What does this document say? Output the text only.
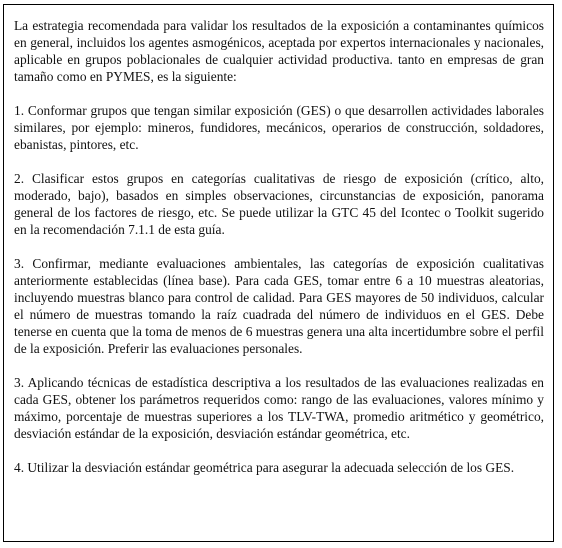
La estrategia recomendada para validar los resultados de la exposición a contaminantes químicos en general, incluidos los agentes asmogénicos, aceptada por expertos internacionales y nacionales, aplicable en grupos poblacionales de cualquier actividad productiva. tanto en empresas de gran tamaño como en PYMES, es la siguiente:

1. Conformar grupos que tengan similar exposición (GES) o que desarrollen actividades laborales similares, por ejemplo: mineros, fundidores, mecánicos, operarios de construcción, soldadores, ebanistas, pintores, etc.

2. Clasificar estos grupos en categorías cualitativas de riesgo de exposición (crítico, alto, moderado, bajo), basados en simples observaciones, circunstancias de exposición, panorama general de los factores de riesgo, etc. Se puede utilizar la GTC 45 del Icontec o Toolkit sugerido en la recomendación 7.1.1 de esta guía.

3. Confirmar, mediante evaluaciones ambientales, las categorías de exposición cualitativas anteriormente establecidas (línea base). Para cada GES, tomar entre 6 a 10 muestras aleatorias, incluyendo muestras blanco para control de calidad. Para GES mayores de 50 individuos, calcular el número de muestras tomando la raíz cuadrada del número de individuos en el GES. Debe tenerse en cuenta que la toma de menos de 6 muestras genera una alta incertidumbre sobre el perfil de la exposición. Preferir las evaluaciones personales.

3. Aplicando técnicas de estadística descriptiva a los resultados de las evaluaciones realizadas en cada GES, obtener los parámetros requeridos como: rango de las evaluaciones, valores mínimo y máximo, porcentaje de muestras superiores a los TLV-TWA, promedio aritmético y geométrico, desviación estándar de la exposición, desviación estándar geométrica, etc.

4. Utilizar la desviación estándar geométrica para asegurar la adecuada selección de los GES.
